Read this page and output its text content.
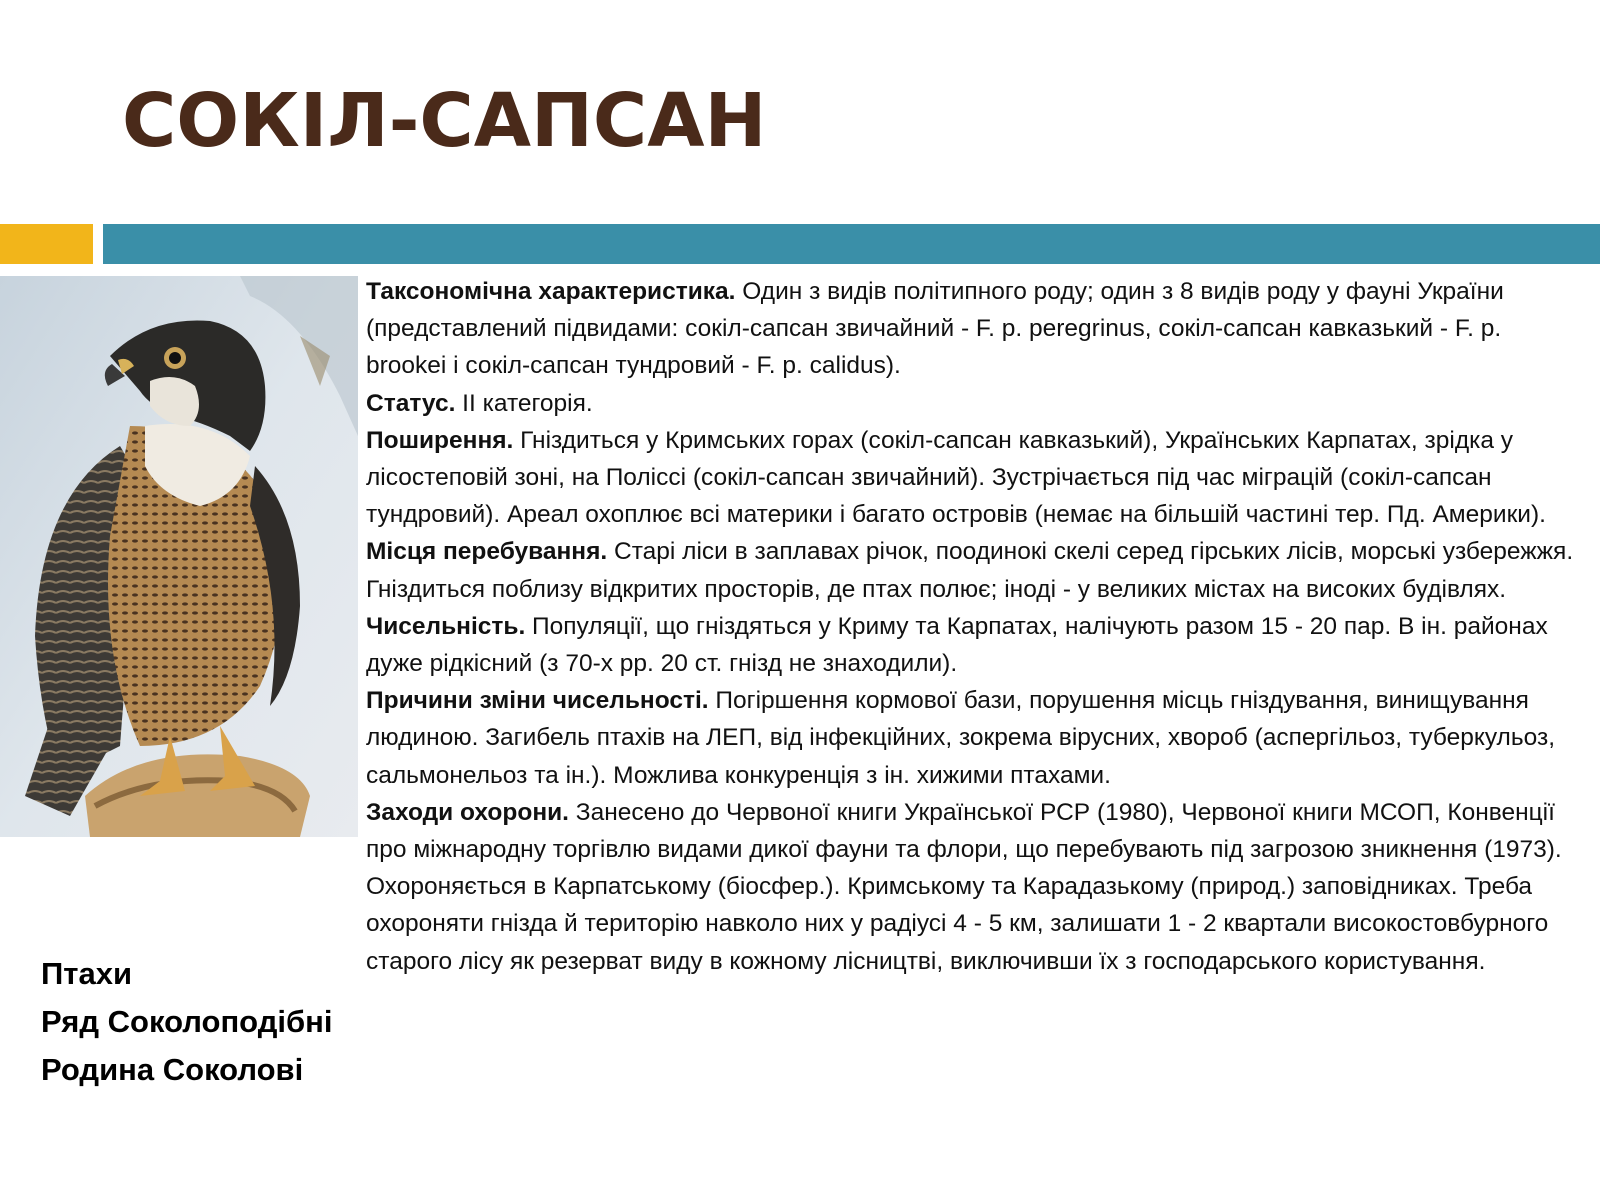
СОКІЛ-САПСАН
Птахи
Ряд Соколоподібні
Родина Соколові

Таксономічна характеристика. Один з видів політипного роду; один з 8 видів роду у фауні України (представлений підвидами: сокіл-сапсан звичайний - F. p. peregrinus, сокіл-сапсан кавказький - F. p. brookei і сокіл-сапсан тундровий - F. p. calidus).

Статус. II категорія.

Поширення. Гніздиться у Кримських горах (сокіл-сапсан кавказький), Українських Карпатах, зрідка у лісостеповій зоні, на Поліссі (сокіл-сапсан звичайний). Зустрічається під час міграцій (сокіл-сапсан тундровий). Ареал охоплює всі материки і багато островів (немає на більшій частині тер. Пд. Америки).

Місця перебування. Старі ліси в заплавах річок, поодинокі скелі серед гірських лісів, морські узбережжя. Гніздиться поблизу відкритих просторів, де птах полює; іноді - у великих містах на високих будівлях.

Чисельність. Популяції, що гніздяться у Криму та Карпатах, налічують разом 15 - 20 пар. В ін. районах дуже рідкісний (з 70-х рр. 20 ст. гнізд не знаходили).

Причини зміни чисельності. Погіршення кормової бази, порушення місць гніздування, винищування людиною. Загибель птахів на ЛЕП, від інфекційних, зокрема вірусних, хвороб (аспергільоз, туберкульоз, сальмонельоз та ін.). Можлива конкуренція з ін. хижими птахами.

Заходи охорони. Занесено до Червоної книги Української РСР (1980), Червоної книги МСОП, Конвенції про міжнародну торгівлю видами дикої фауни та флори, що перебувають під загрозою зникнення (1973). Охороняється в Карпатському (біосфер.). Кримському та Карадазькому (природ.) заповідниках. Треба охороняти гнізда й територію навколо них у радіусі 4 - 5 км, залишати 1 - 2 квартали високостовбурного старого лісу як резерват виду в кожному лісництві, виключивши їх з господарського користування.
